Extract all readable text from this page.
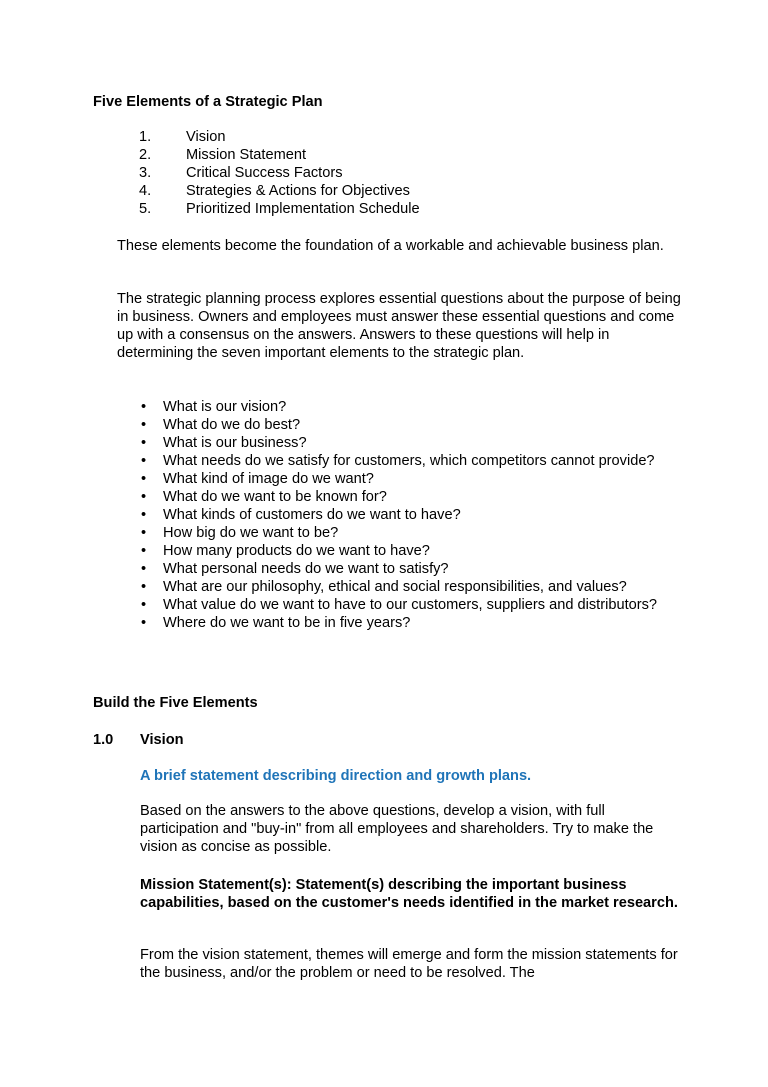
Five Elements of a Strategic Plan
1. Vision
2. Mission Statement
3. Critical Success Factors
4. Strategies & Actions for Objectives
5. Prioritized Implementation Schedule

These elements become the foundation of a workable and achievable business plan.

The strategic planning process explores essential questions about the purpose of being in business. Owners and employees must answer these essential questions and come up with a consensus on the answers. Answers to these questions will help in determining the seven important elements to the strategic plan.

• What is our vision?
• What do we do best?
• What is our business?
• What needs do we satisfy for customers, which competitors cannot provide?
• What kind of image do we want?
• What do we want to be known for?
• What kinds of customers do we want to have?
• How big do we want to be?
• How many products do we want to have?
• What personal needs do we want to satisfy?
• What are our philosophy, ethical and social responsibilities, and values?
• What value do we want to have to our customers, suppliers and distributors?
• Where do we want to be in five years?
Build the Five Elements
1.0 Vision
A brief statement describing direction and growth plans.

Based on the answers to the above questions, develop a vision, with full participation and "buy-in" from all employees and shareholders. Try to make the vision as concise as possible.

Mission Statement(s): Statement(s) describing the important business capabilities, based on the customer's needs identified in the market research.

From the vision statement, themes will emerge and form the mission statements for the business, and/or the problem or need to be resolved. The
